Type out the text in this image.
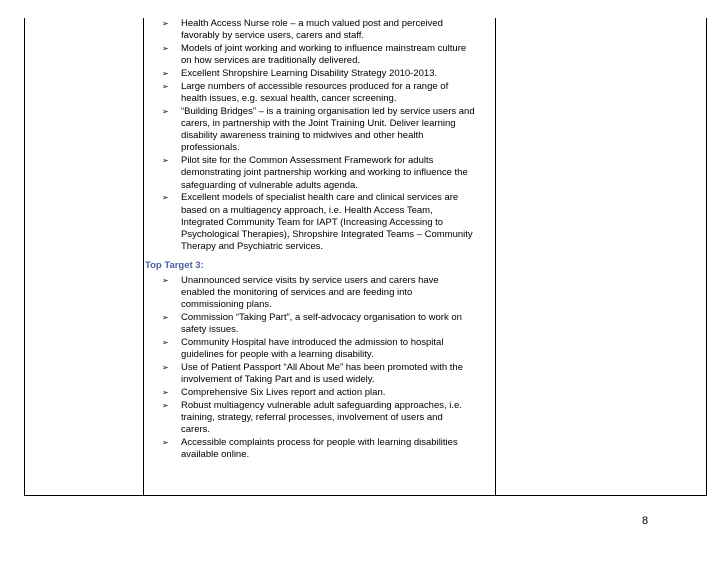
➢ Health Access Nurse role – a much valued post and perceived
favorably by service users, carers and staff.
➢ Models of joint working and working to influence mainstream culture
on how services are traditionally delivered.
➢ Excellent Shropshire Learning Disability Strategy 2010-2013.
➢ Large numbers of accessible resources produced for a range of
health issues, e.g. sexual health, cancer screening.
➢ “Building Bridges” – is a training organisation led by service users and
carers, in partnership with the Joint Training Unit. Deliver learning
disability awareness training to midwives and other health
professionals.
➢ Pilot site for the Common Assessment Framework for adults
demonstrating joint partnership working and working to influence the
safeguarding of vulnerable adults agenda.
➢ Excellent models of specialist health care and clinical services are
based on a multiagency approach, i.e. Health Access Team,
Integrated Community Team for IAPT (Increasing Accessing to
Psychological Therapies), Shropshire Integrated Teams – Community
Therapy and Psychiatric services.
Top Target 3:
➢ Unannounced service visits by service users and carers have
enabled the monitoring of services and are feeding into
commissioning plans.
➢ Commission “Taking Part”, a self-advocacy organisation to work on
safety issues.
➢ Community Hospital have introduced the admission to hospital
guidelines for people with a learning disability.
➢ Use of Patient Passport “All About Me” has been promoted with the
involvement of Taking Part and is used widely.
➢ Comprehensive Six Lives report and action plan.
➢ Robust multiagency vulnerable adult safeguarding approaches, i.e.
training, strategy, referral processes, involvement of users and
carers.
➢ Accessible complaints process for people with learning disabilities
available online.
8
